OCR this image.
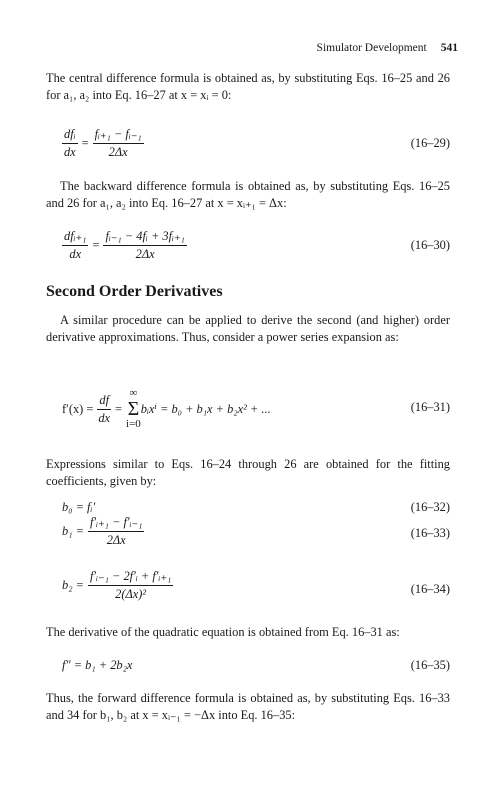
Simulator Development 541
The central difference formula is obtained as, by substituting Eqs. 16–25 and 26 for a₁, a₂ into Eq. 16–27 at x = xᵢ = 0:
$\frac{\text{dfᵢ}}{dx} = \frac{\text{fᵢ₊₁ − fᵢ₋₁}}{2\Delta x}$	(16–29)
The backward difference formula is obtained as, by substituting Eqs. 16–25 and 26 for a₁, a₂ into Eq. 16–27 at x = xᵢ₊₁ = Δx:
$\frac{\text{dfᵢ₊₁}}{dx} = \frac{\text{fᵢ₋₁ − 4fᵢ + 3fᵢ₊₁}}{2\Delta x}$	(16–30)
Second Order Derivatives
A similar procedure can be applied to derive the second (and higher) order derivative approximations. Thus, consider a power series expansion as:
$f'(x) = \frac{df}{dx}$ =
∞
Σ
i=0
bᵢxⁱ = b₀ + b₁x + b₂x² + ...	(16–31)
Expressions similar to Eqs. 16–24 through 26 are obtained for the fitting coefficients, given by:
b₀ = fᵢ′	(16–32)
$b_1 = \frac{\text{f′ᵢ₊₁ − f′ᵢ₋₁}}{2\Delta x}$	(16–33)
$b_2 = \frac{\text{f′ᵢ₋₁ − 2f′ᵢ + f′ᵢ₊₁}}{\text{2(Δx)²}}$	(16–34)
The derivative of the quadratic equation is obtained from Eq. 16–31 as:
f″ = b₁ + 2b₂x	(16–35)
Thus, the forward difference formula is obtained as, by substituting Eqs. 16–33 and 34 for b₁, b₂ at x = xᵢ₋₁ = −Δx into Eq. 16–35:
